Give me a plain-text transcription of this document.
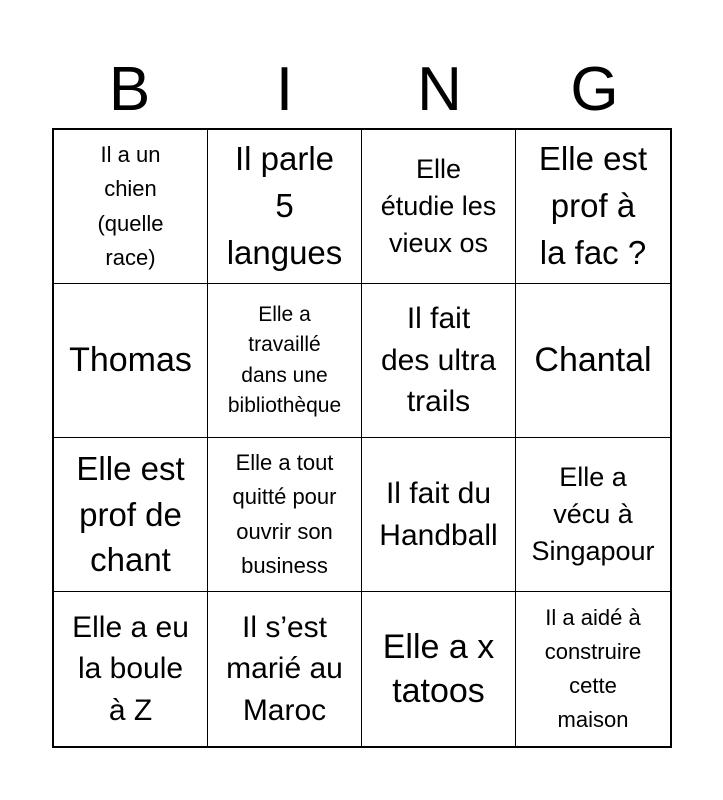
B	I	N	G
Il a un
chien
(quelle
race)
Il parle
5
langues
Elle
étudie les
vieux os
Elle est
prof à
la fac ?
Thomas
Elle a
travaillé
dans une
bibliothèque
Il fait
des ultra
trails
Chantal
Elle est
prof de
chant
Elle a tout
quitté pour
ouvrir son
business
Il fait du
Handball
Elle a
vécu à
Singapour
Elle a eu
la boule
à Z
Il s’est
marié au
Maroc
Elle a x
tatoos
Il a aidé à
construire
cette
maison
